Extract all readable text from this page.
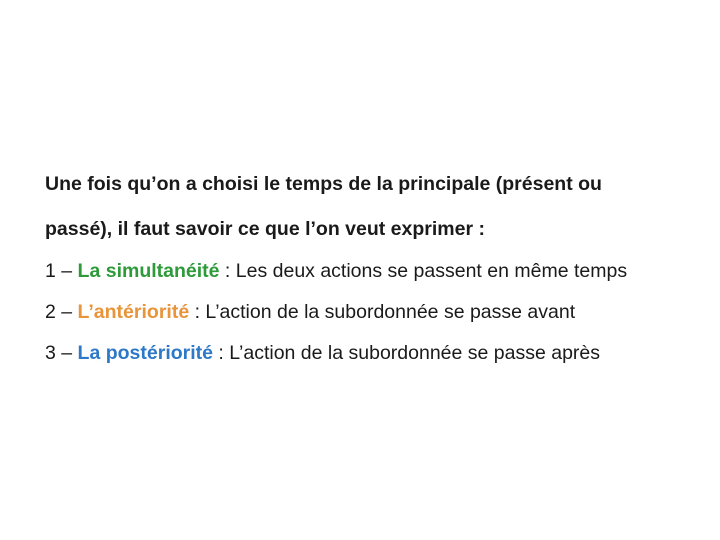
Une fois qu’on a choisi le temps de la principale (présent ou

passé), il faut savoir ce que l’on veut exprimer :

1 – La simultanéité : Les deux actions se passent en même temps

2 – L’antériorité : L’action de la subordonnée se passe avant

3 – La postériorité : L’action de la subordonnée se passe après
